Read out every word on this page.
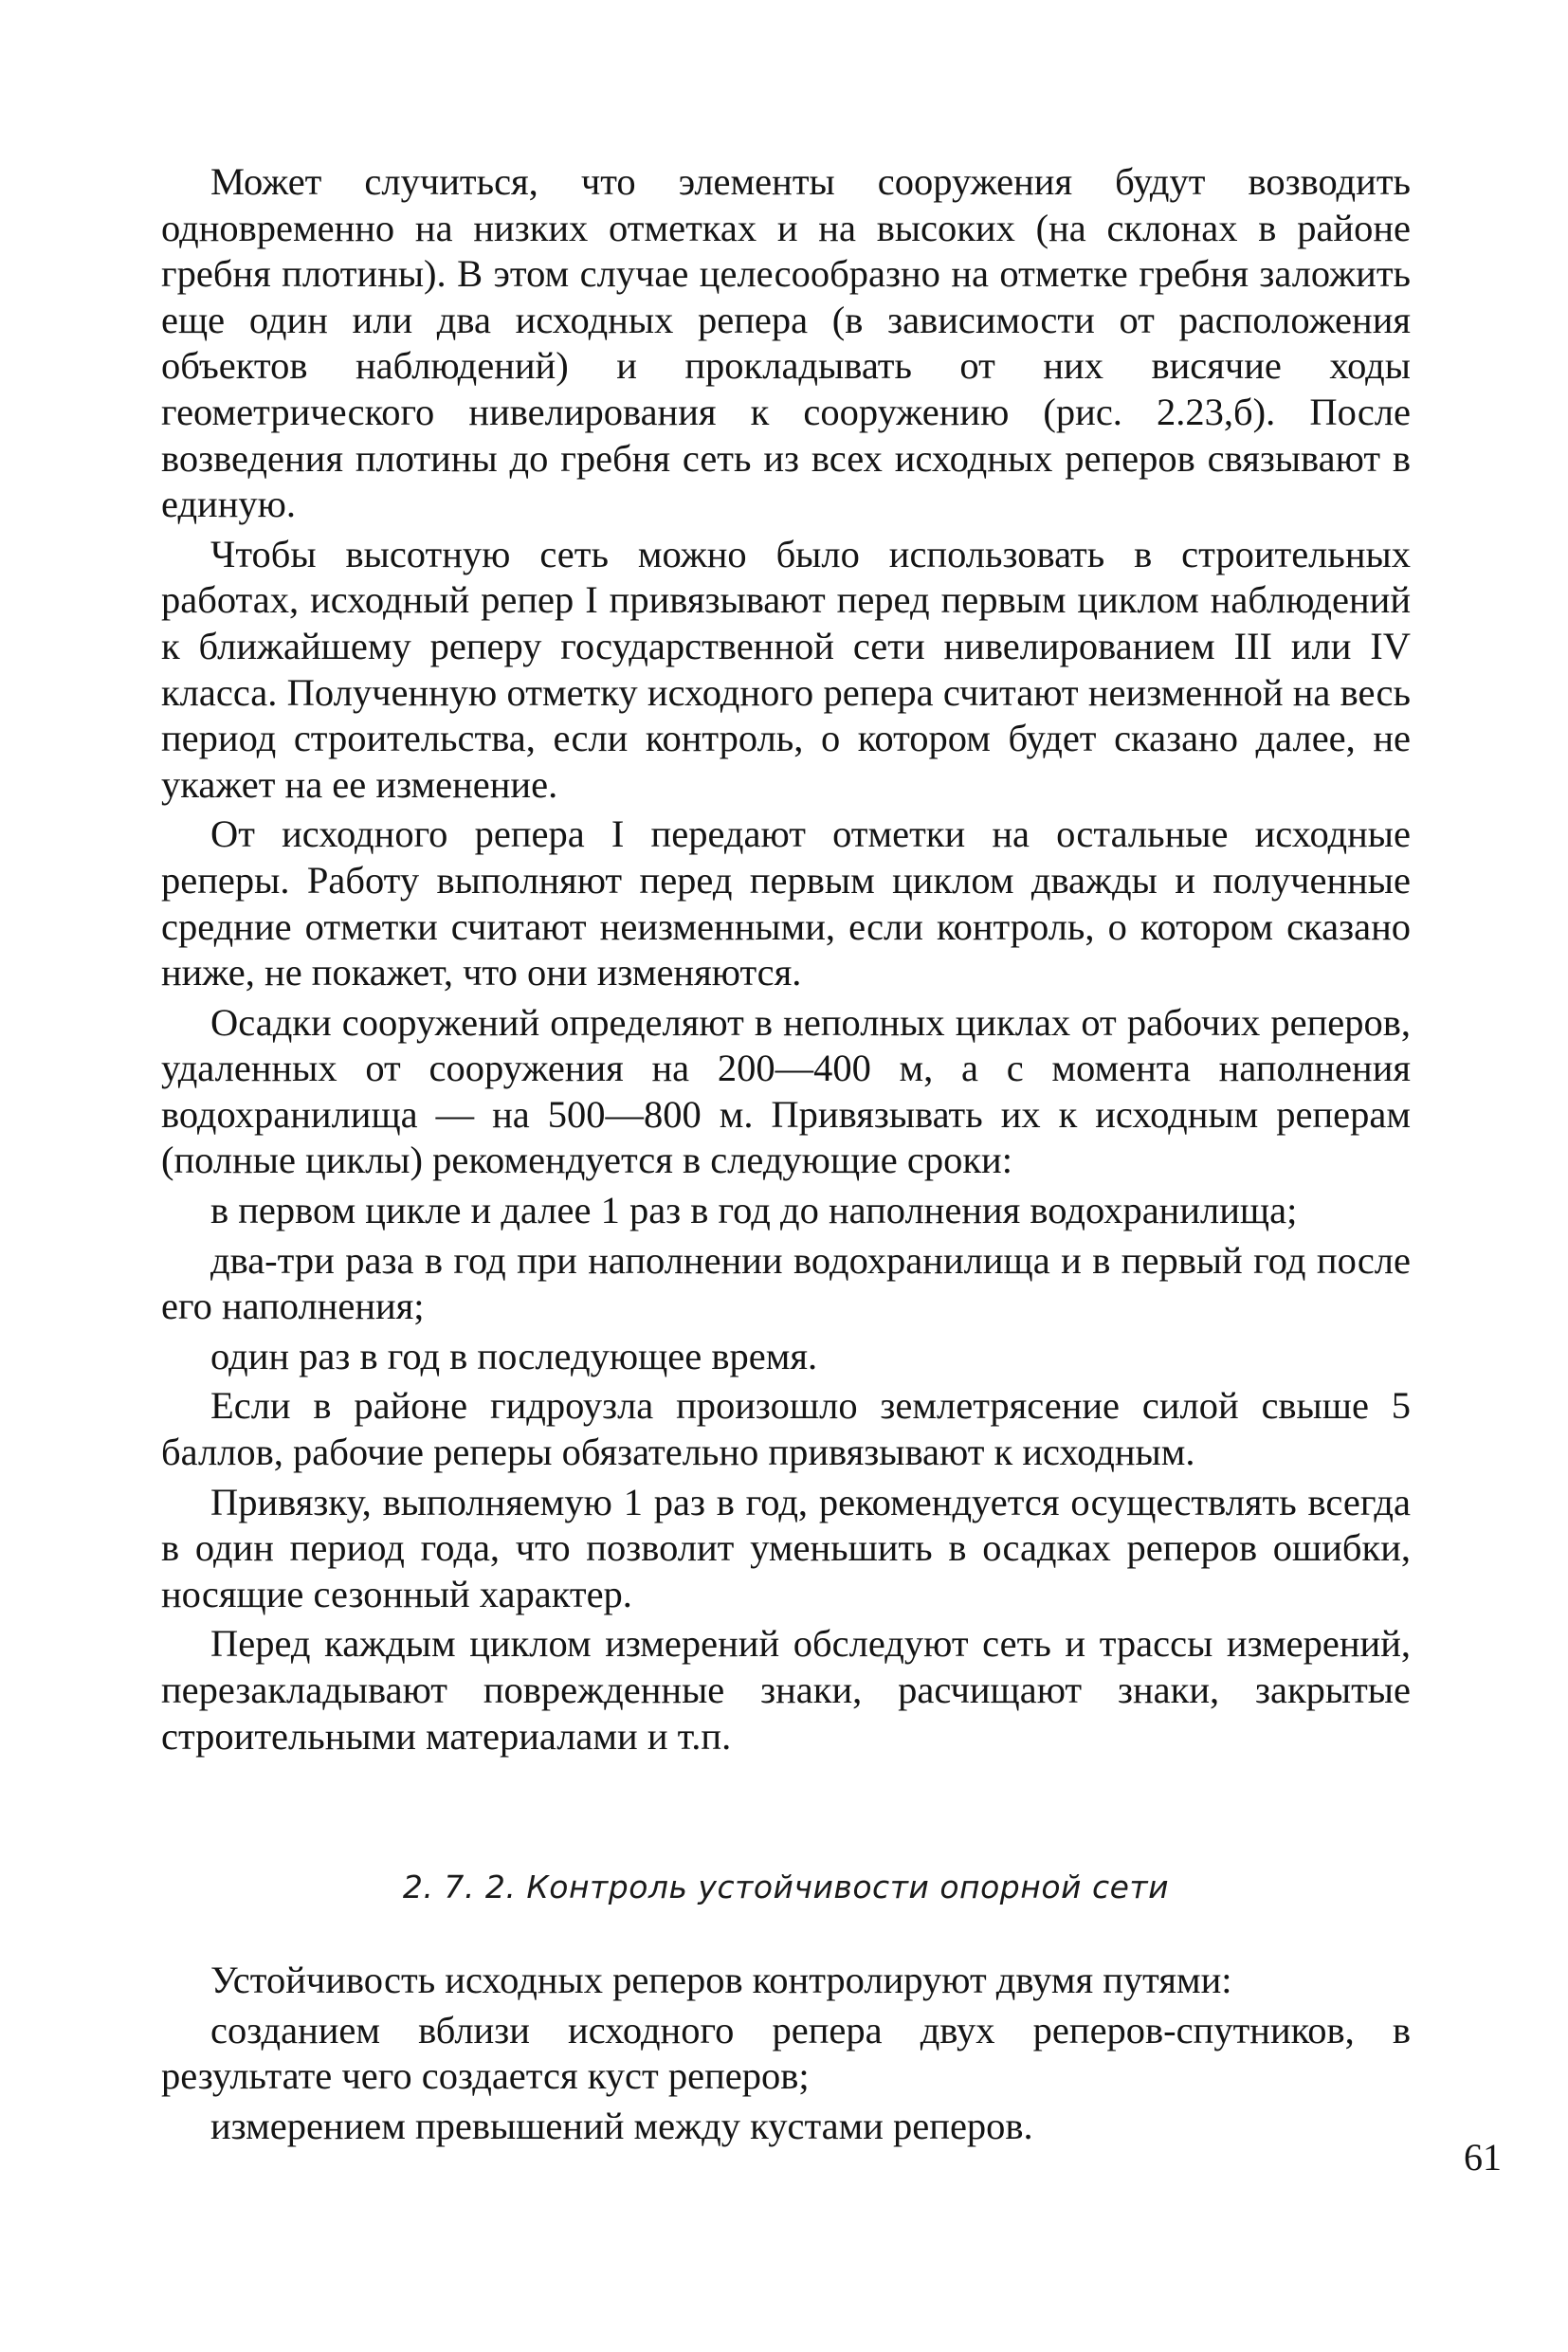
Может случиться, что элементы сооружения будут возводить одновременно на низких отметках и на высоких (на склонах в районе гребня плотины). В этом случае целесообразно на отметке гребня заложить еще один или два исходных репера (в зависимости от расположения объектов наблюдений) и прокладывать от них висячие ходы геометрического нивелирования к сооружению (рис. 2.23,б). После возведения плотины до гребня сеть из всех исходных реперов связывают в единую.

Чтобы высотную сеть можно было использовать в строительных работах, исходный репер I привязывают перед первым циклом наблюдений к ближайшему реперу государственной сети нивелированием III или IV класса. Полученную отметку исходного репера считают неизменной на весь период строительства, если контроль, о котором будет сказано далее, не укажет на ее изменение.

От исходного репера I передают отметки на остальные исходные реперы. Работу выполняют перед первым циклом дважды и полученные средние отметки считают неизменными, если контроль, о котором сказано ниже, не покажет, что они изменяются.

Осадки сооружений определяют в неполных циклах от рабочих реперов, удаленных от сооружения на 200—400 м, а с момента наполнения водохранилища — на 500—800 м. Привязывать их к исходным реперам (полные циклы) рекомендуется в следующие сроки:

в первом цикле и далее 1 раз в год до наполнения водохранилища;

два-три раза в год при наполнении водохранилища и в первый год после его наполнения;

один раз в год в последующее время.

Если в районе гидроузла произошло землетрясение силой свыше 5 баллов, рабочие реперы обязательно привязывают к исходным.

Привязку, выполняемую 1 раз в год, рекомендуется осуществлять всегда в один период года, что позволит уменьшить в осадках реперов ошибки, носящие сезонный характер.

Перед каждым циклом измерений обследуют сеть и трассы измерений, перезакладывают поврежденные знаки, расчищают знаки, закрытые строительными материалами и т.п.

2. 7. 2. Контроль устойчивости опорной сети

Устойчивость исходных реперов контролируют двумя путями:

созданием вблизи исходного репера двух реперов-спутников, в результате чего создается куст реперов;

измерением превышений между кустами реперов.

61
